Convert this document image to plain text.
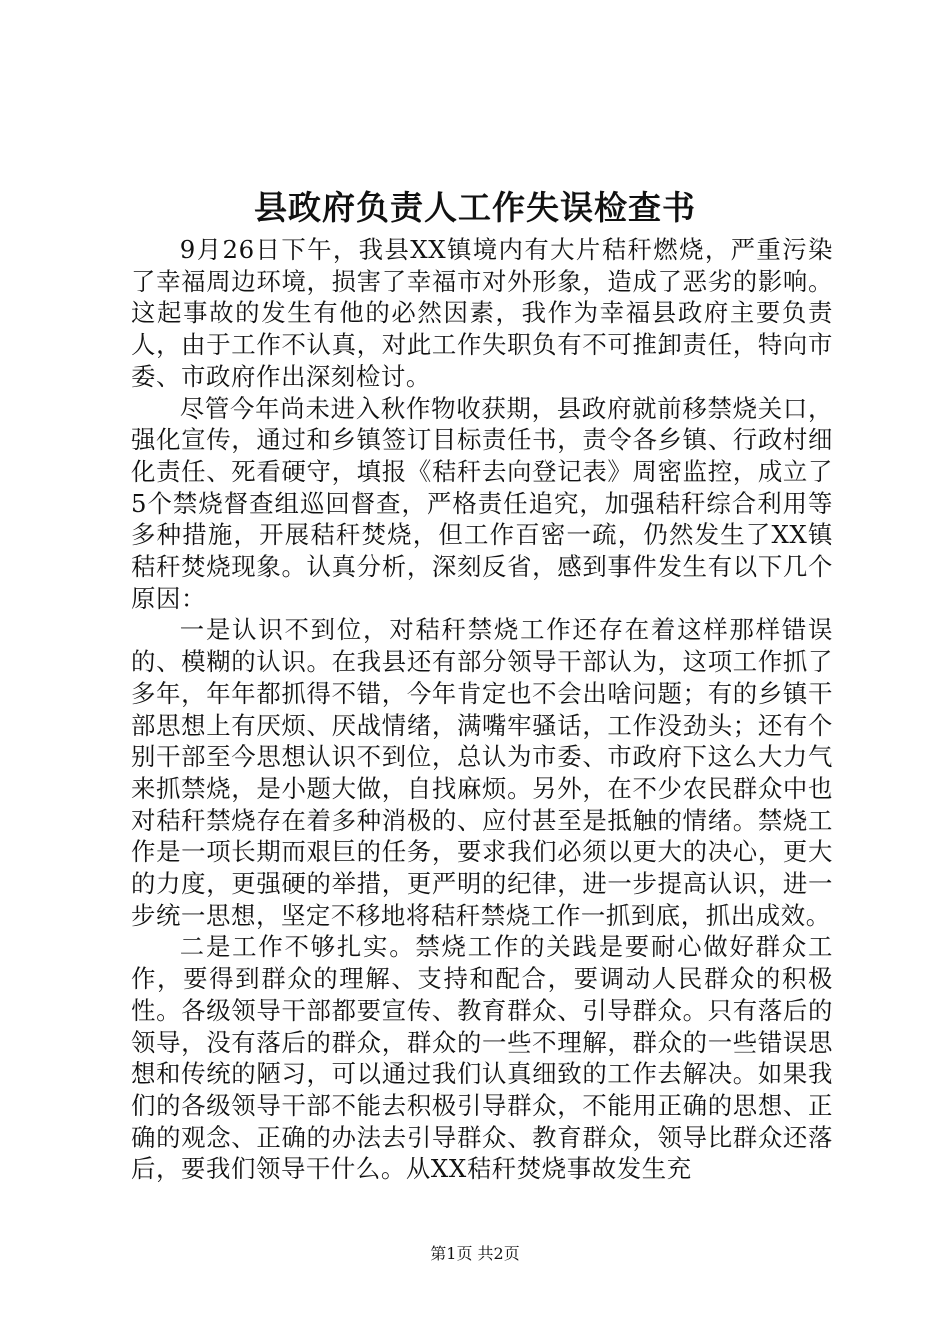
县政府负责人工作失误检查书

9月26日下午，我县XX镇境内有大片秸秆燃烧，严重污染了幸福周边环境，损害了幸福市对外形象，造成了恶劣的影响。这起事故的发生有他的必然因素，我作为幸福县政府主要负责人，由于工作不认真，对此工作失职负有不可推卸责任，特向市委、市政府作出深刻检讨。

尽管今年尚未进入秋作物收获期，县政府就前移禁烧关口，强化宣传，通过和乡镇签订目标责任书，责令各乡镇、行政村细化责任、死看硬守，填报《秸秆去向登记表》周密监控，成立了5个禁烧督查组巡回督查，严格责任追究，加强秸秆综合利用等多种措施，开展秸秆焚烧，但工作百密一疏，仍然发生了XX镇秸秆焚烧现象。认真分析，深刻反省，感到事件发生有以下几个原因：

一是认识不到位，对秸秆禁烧工作还存在着这样那样错误的、模糊的认识。在我县还有部分领导干部认为，这项工作抓了多年，年年都抓得不错，今年肯定也不会出啥问题；有的乡镇干部思想上有厌烦、厌战情绪，满嘴牢骚话，工作没劲头；还有个别干部至今思想认识不到位，总认为市委、市政府下这么大力气来抓禁烧，是小题大做，自找麻烦。另外，在不少农民群众中也对秸秆禁烧存在着多种消极的、应付甚至是抵触的情绪。禁烧工作是一项长期而艰巨的任务，要求我们必须以更大的决心，更大的力度，更强硬的举措，更严明的纪律，进一步提高认识，进一步统一思想，坚定不移地将秸秆禁烧工作一抓到底，抓出成效。

二是工作不够扎实。禁烧工作的关践是要耐心做好群众工作，要得到群众的理解、支持和配合，要调动人民群众的积极性。各级领导干部都要宣传、教育群众、引导群众。只有落后的领导，没有落后的群众，群众的一些不理解，群众的一些错误思想和传统的陋习，可以通过我们认真细致的工作去解决。如果我们的各级领导干部不能去积极引导群众，不能用正确的思想、正确的观念、正确的办法去引导群众、教育群众，领导比群众还落后，要我们领导干什么。从XX秸秆焚烧事故发生充

第1页 共2页
